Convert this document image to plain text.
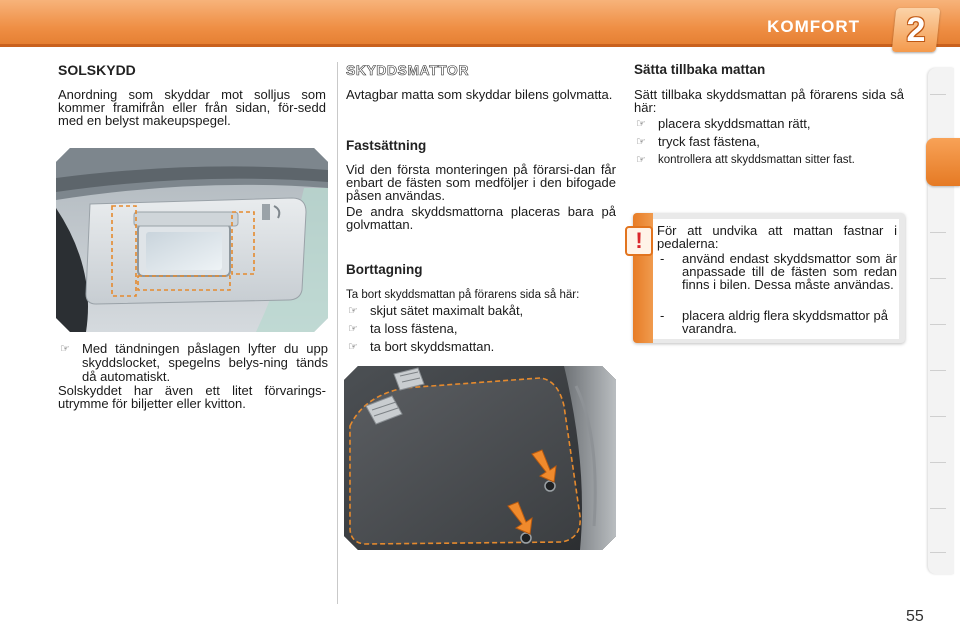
KOMFORT	2
SOLSKYDD

Anordning som skyddar mot solljus som kommer framifrån eller från sidan, för-sedd med en belyst makeupspegel.

☞ Med tändningen påslagen lyfter du upp skyddslocket, spegelns belys-ning tänds då automatiskt.

Solskyddet har även ett litet förvarings-utrymme för biljetter eller kvitton.

SKYDDSMATTOR

Avtagbar matta som skyddar bilens golvmatta.

Fastsättning

Vid den första monteringen på förarsi-dan får enbart de fästen som medföljer i den bifogade påsen användas.

De andra skyddsmattorna placeras bara på golvmattan.

Borttagning

Ta bort skyddsmattan på förarens sida så här:

☞ skjut sätet maximalt bakåt,
☞ ta loss fästena,
☞ ta bort skyddsmattan.
Sätta tillbaka mattan

Sätt tillbaka skyddsmattan på förarens sida så här:

☞ placera skyddsmattan rätt,
☞ tryck fast fästena,
☞ kontrollera att skyddsmattan sitter fast.
!	För att undvika att mattan fastnar i pedalerna:

- använd endast skyddsmattor som är anpassade till de fästen som redan finns i bilen. Dessa måste användas.

- placera aldrig flera skyddsmattor på varandra.

55
